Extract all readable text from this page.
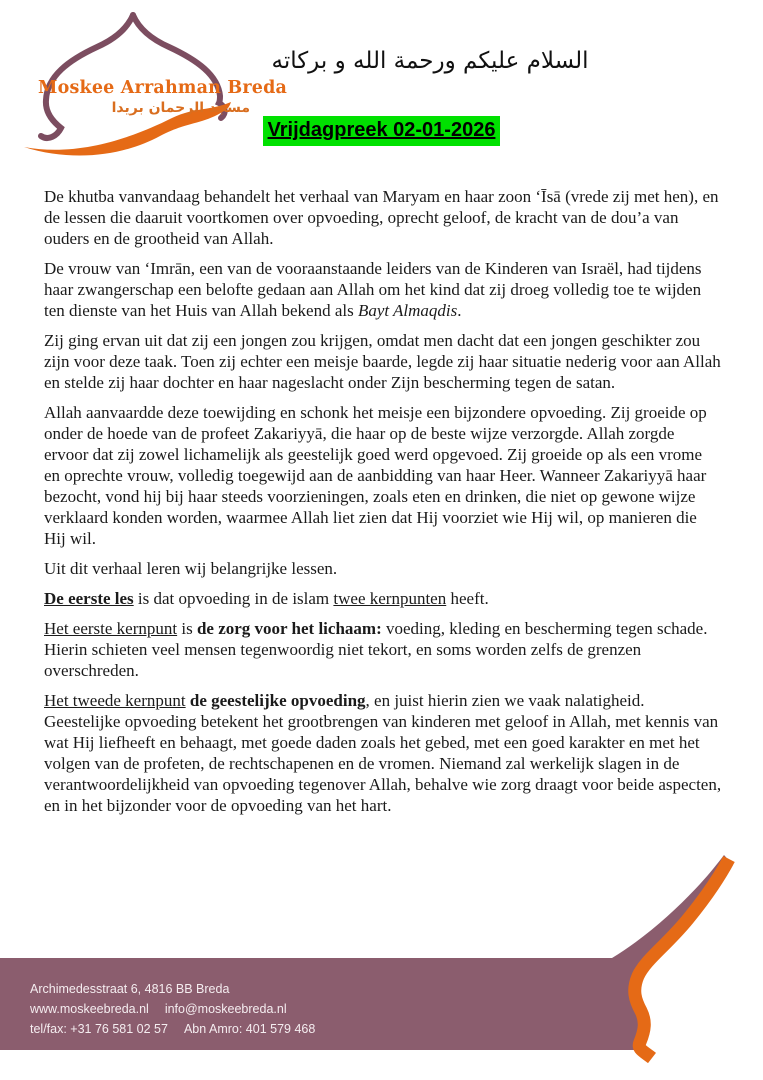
Moskee Arrahman Breda
مسجد الرحمان بريدا
السلام عليكم ورحمة الله و بركاته
Vrijdagpreek 02-01-2026

De khutba vanvandaag behandelt het verhaal van Maryam en haar zoon ‘Īsā (vrede zij met hen), en de lessen die daaruit voortkomen over opvoeding, oprecht geloof, de kracht van de dou’a van ouders en de grootheid van Allah.

De vrouw van ‘Imrān, een van de vooraanstaande leiders van de Kinderen van Israël, had tijdens haar zwangerschap een belofte gedaan aan Allah om het kind dat zij droeg volledig toe te wijden ten dienste van het Huis van Allah bekend als Bayt Almaqdis.

Zij ging ervan uit dat zij een jongen zou krijgen, omdat men dacht dat een jongen geschikter zou zijn voor deze taak. Toen zij echter een meisje baarde, legde zij haar situatie nederig voor aan Allah en stelde zij haar dochter en haar nageslacht onder Zijn bescherming tegen de satan.

Allah aanvaardde deze toewijding en schonk het meisje een bijzondere opvoeding. Zij groeide op onder de hoede van de profeet Zakariyyā, die haar op de beste wijze verzorgde. Allah zorgde ervoor dat zij zowel lichamelijk als geestelijk goed werd opgevoed. Zij groeide op als een vrome en oprechte vrouw, volledig toegewijd aan de aanbidding van haar Heer. Wanneer Zakariyyā haar bezocht, vond hij bij haar steeds voorzieningen, zoals eten en drinken, die niet op gewone wijze verklaard konden worden, waarmee Allah liet zien dat Hij voorziet wie Hij wil, op manieren die Hij wil.

Uit dit verhaal leren wij belangrijke lessen.

De eerste les is dat opvoeding in de islam twee kernpunten heeft.

Het eerste kernpunt is de zorg voor het lichaam: voeding, kleding en bescherming tegen schade. Hierin schieten veel mensen tegenwoordig niet tekort, en soms worden zelfs de grenzen overschreden.

Het tweede kernpunt de geestelijke opvoeding, en juist hierin zien we vaak nalatigheid. Geestelijke opvoeding betekent het grootbrengen van kinderen met geloof in Allah, met kennis van wat Hij liefheeft en behaagt, met goede daden zoals het gebed, met een goed karakter en met het volgen van de profeten, de rechtschapenen en de vromen. Niemand zal werkelijk slagen in de verantwoordelijkheid van opvoeding tegenover Allah, behalve wie zorg draagt voor beide aspecten, en in het bijzonder voor de opvoeding van het hart.

Archimedesstraat 6, 4816 BB Breda
www.moskeebreda.nl info@moskeebreda.nl
tel/fax: +31 76 581 02 57 Abn Amro: 401 579 468
